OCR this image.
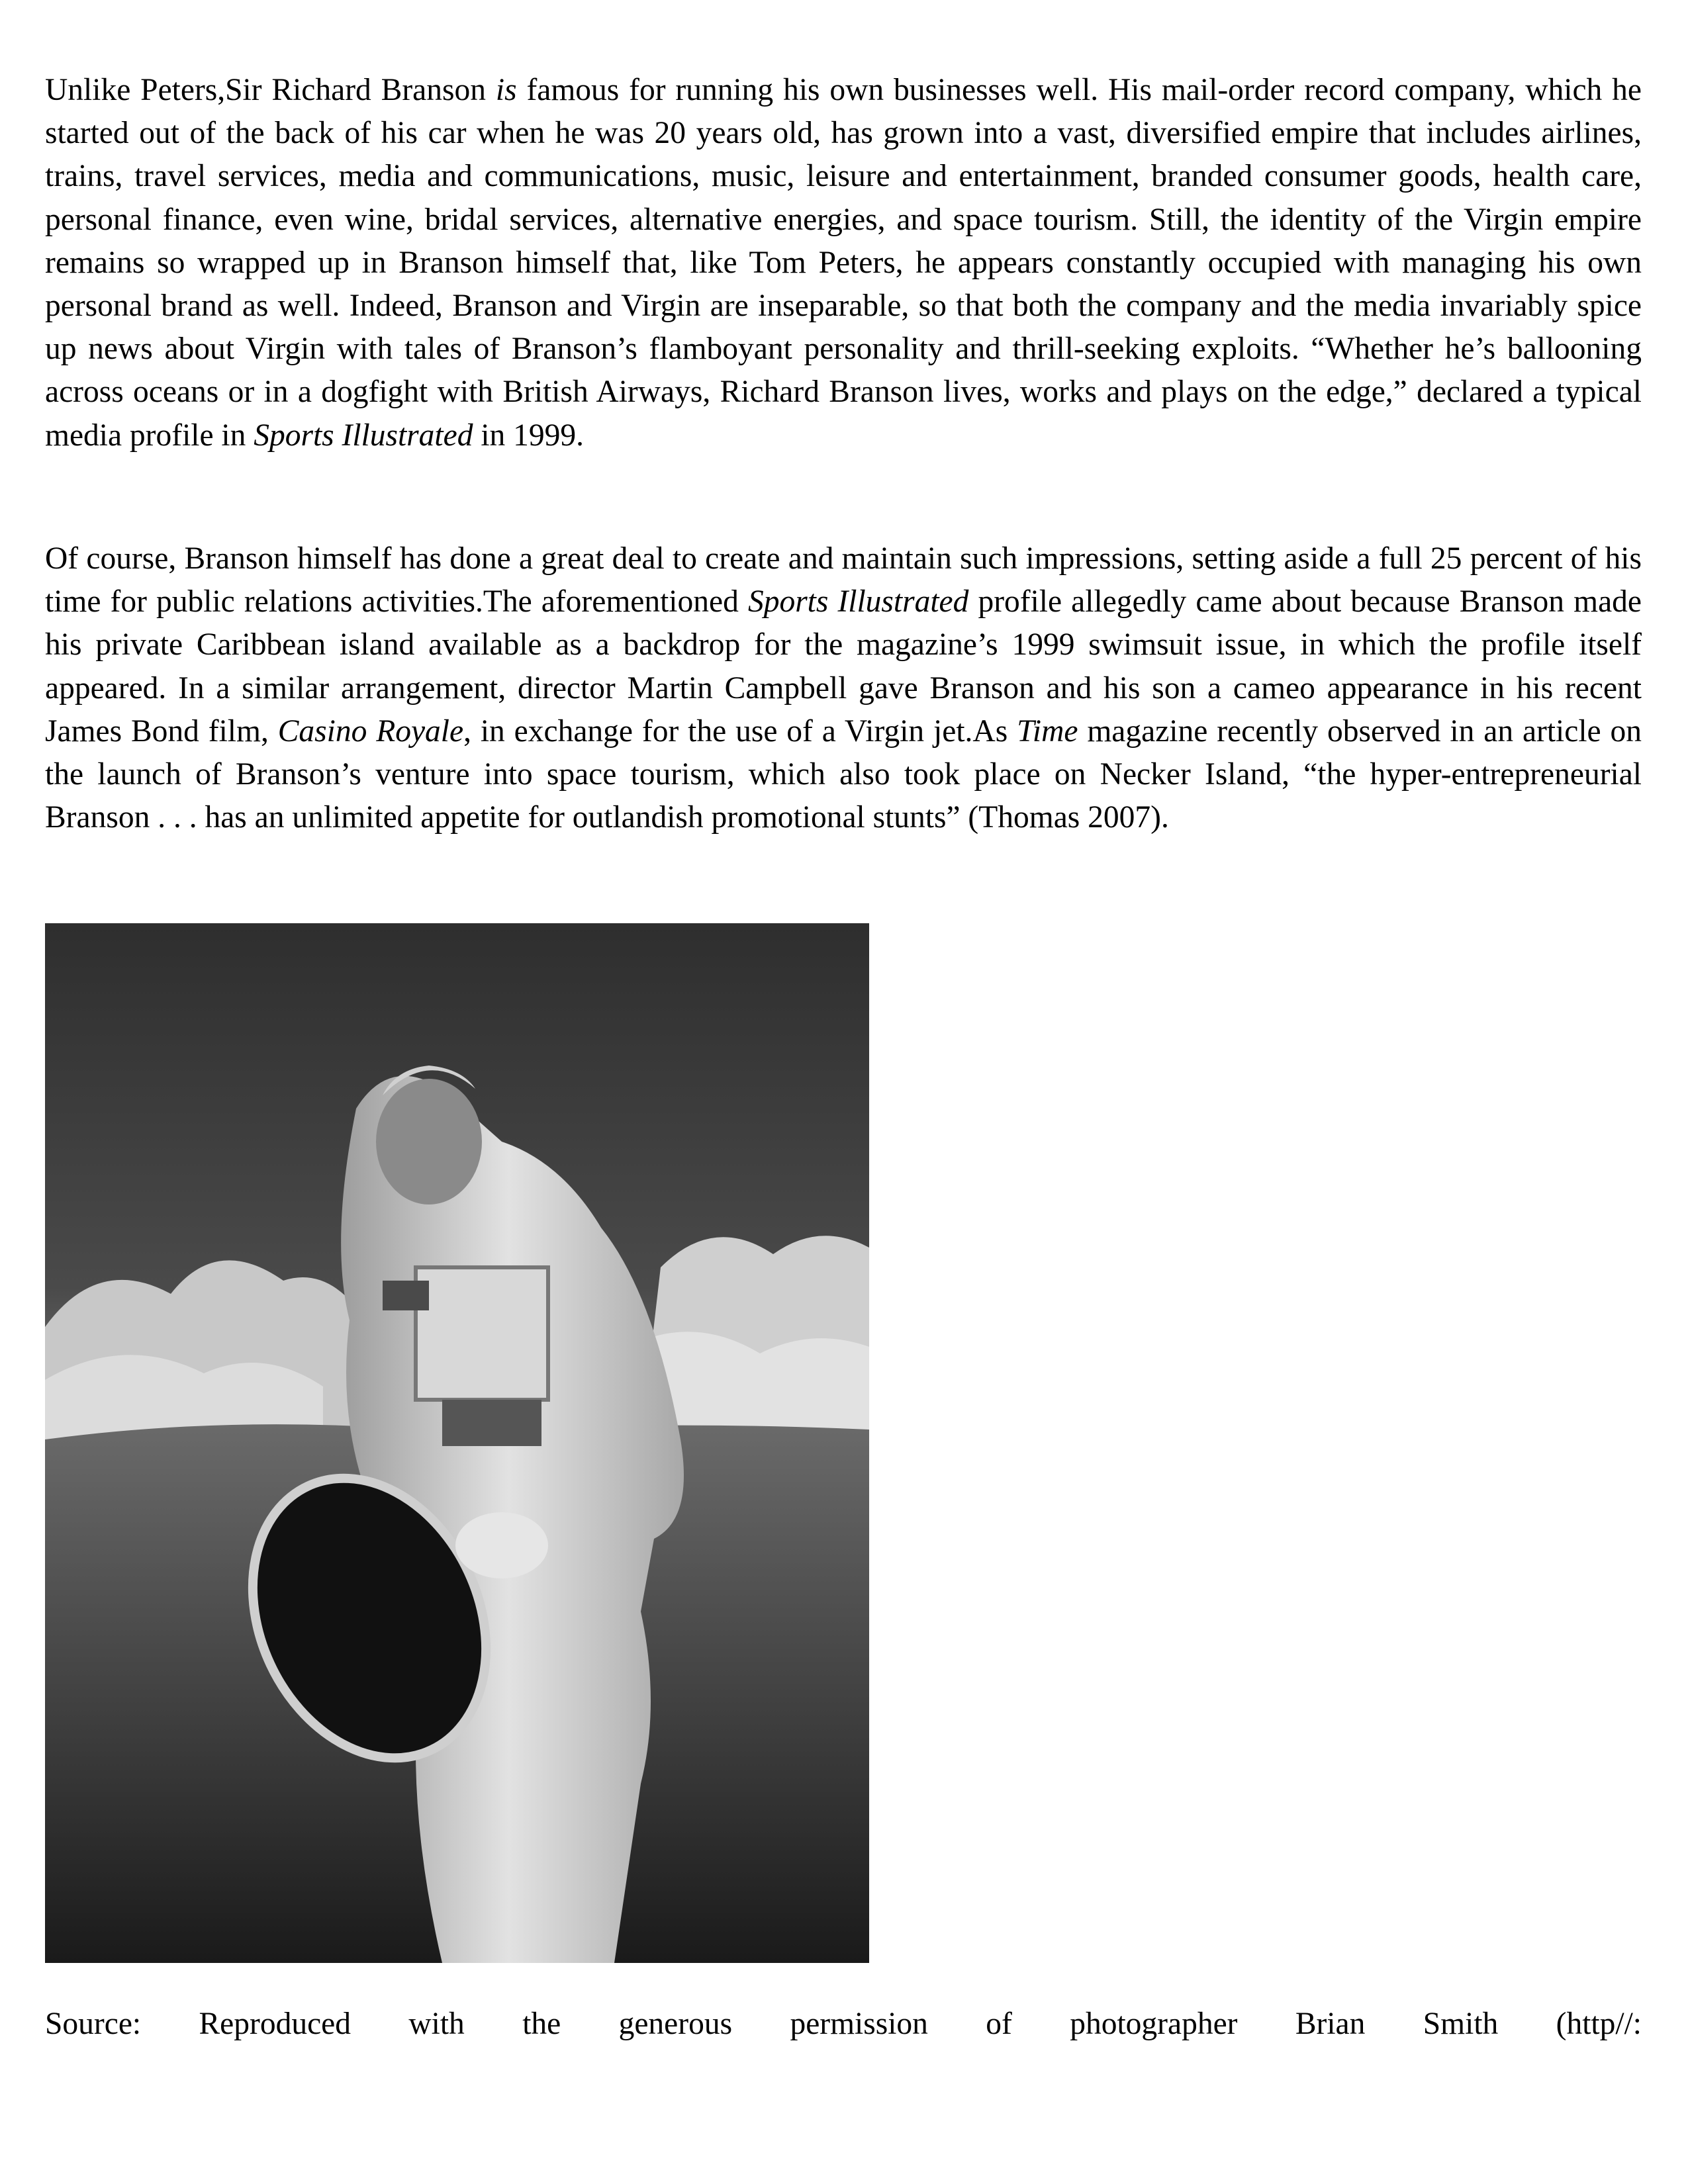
Unlike Peters,Sir Richard Branson is famous for running his own businesses well. His mail-order record company, which he started out of the back of his car when he was 20 years old, has grown into a vast, diversified empire that includes airlines, trains, travel services, media and communications, music, leisure and entertainment, branded consumer goods, health care, personal finance, even wine, bridal services, alternative energies, and space tourism. Still, the identity of the Virgin empire remains so wrapped up in Branson himself that, like Tom Peters, he appears constantly occupied with managing his own personal brand as well. Indeed, Branson and Virgin are inseparable, so that both the company and the media invariably spice up news about Virgin with tales of Branson’s flamboyant personality and thrill-seeking exploits. “Whether he’s ballooning across oceans or in a dogfight with British Airways, Richard Branson lives, works and plays on the edge,” declared a typical media profile in Sports Illustrated in 1999.

Of course, Branson himself has done a great deal to create and maintain such impressions, setting aside a full 25 percent of his time for public relations activities.The aforementioned Sports Illustrated profile allegedly came about because Branson made his private Caribbean island available as a backdrop for the magazine’s 1999 swimsuit issue, in which the profile itself appeared. In a similar arrangement, director Martin Campbell gave Branson and his son a cameo appearance in his recent James Bond film, Casino Royale, in exchange for the use of a Virgin jet.As Time magazine recently observed in an article on the launch of Branson’s venture into space tourism, which also took place on Necker Island, “the hyper-entrepreneurial Branson . . . has an unlimited appetite for outlandish promotional stunts” (Thomas 2007).

Source: Reproduced with the generous permission of photographer Brian Smith (http//:
